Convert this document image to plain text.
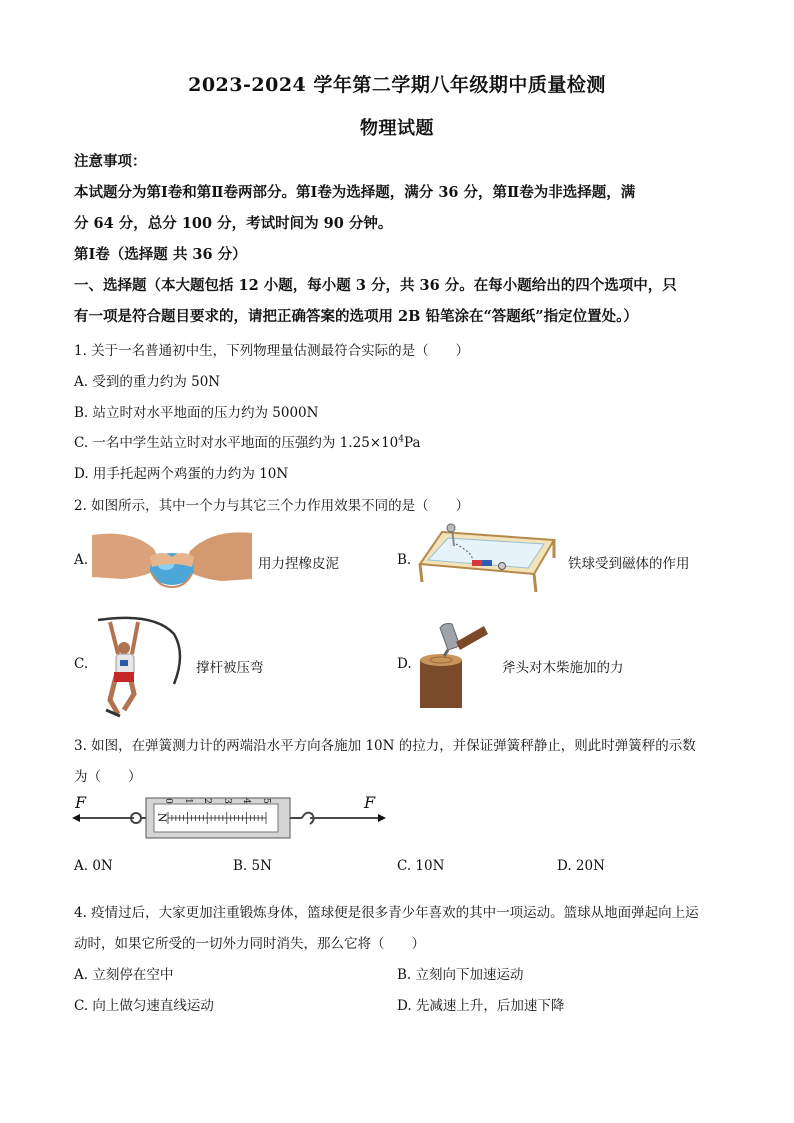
2023-2024 学年第二学期八年级期中质量检测
物理试题
注意事项：
本试题分为第Ⅰ卷和第Ⅱ卷两部分。第Ⅰ卷为选择题，满分 36 分，第Ⅱ卷为非选择题，满
分 64 分，总分 100 分，考试时间为 90 分钟。
第Ⅰ卷（选择题 共 36 分）
一、选择题（本大题包括 12 小题，每小题 3 分，共 36 分。在每小题给出的四个选项中，只
有一项是符合题目要求的，请把正确答案的选项用 2B 铅笔涂在“答题纸”指定位置处。）
1. 关于一名普通初中生，下列物理量估测最符合实际的是（　　）
A. 受到的重力约为 50N
B. 站立时对水平地面的压力约为 5000N
C. 一名中学生站立时对水平地面的压强约为 $1.25\times 10^4Pa$
D. 用手托起两个鸡蛋的力约为 10N
2. 如图所示，其中一个力与其它三个力作用效果不同的是（　　）
A.	用力捏橡皮泥	B.	铁球受到磁体的作用
C.	撑杆被压弯	D.	斧头对木柴施加的力
3. 如图，在弹簧测力计的两端沿水平方向各施加 10N 的拉力，并保证弹簧秤静止，则此时弹簧秤的示数
为（　　）
F	F
N
0 1 2 3 4 5
A. 0N	B. 5N	C. 10N	D. 20N
4. 疫情过后，大家更加注重锻炼身体，篮球便是很多青少年喜欢的其中一项运动。篮球从地面弹起向上运
动时，如果它所受的一切外力同时消失，那么它将（　　）
A. 立刻停在空中	B. 立刻向下加速运动
C. 向上做匀速直线运动	D. 先减速上升，后加速下降
